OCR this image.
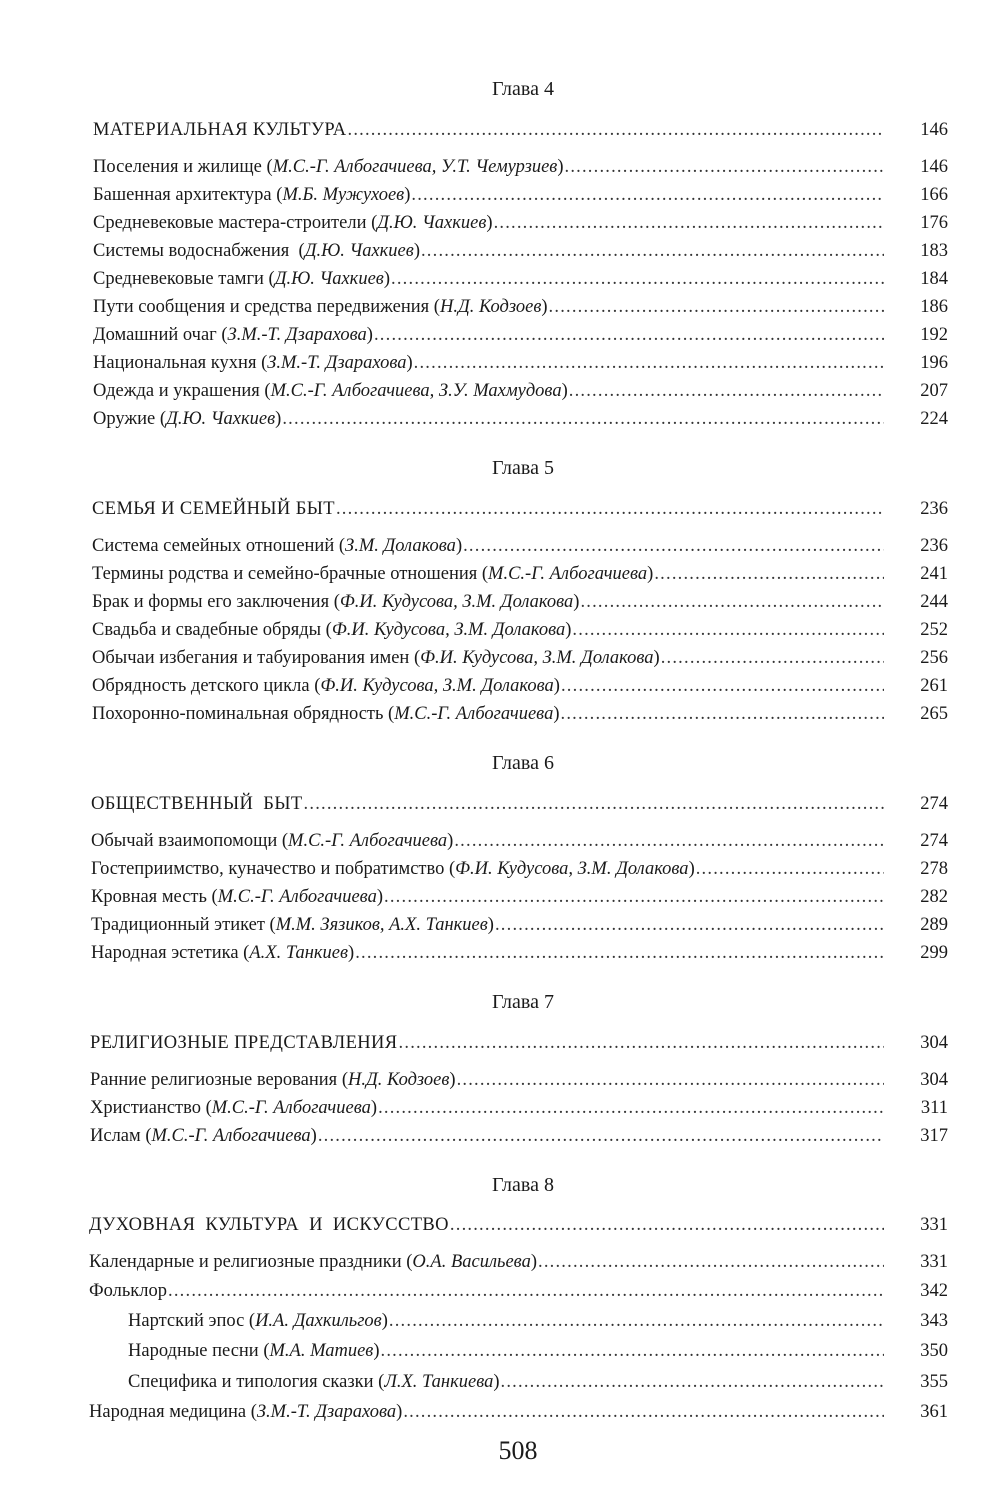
Глава 4
МАТЕРИАЛЬНАЯ КУЛЬТУРА .....	146
Поселения и жилище (М.С.-Г. Албогачиева, У.Т. Чемурзиев) .....	146
Башенная архитектура (М.Б. Мужухоев) .....	166
Средневековые мастера-строители (Д.Ю. Чахкиев) .....	176
Системы водоснабжения  (Д.Ю. Чахкиев) .....	183
Средневековые тамги (Д.Ю. Чахкиев) .....	184
Пути сообщения и средства передвижения (Н.Д. Кодзоев) .....	186
Домашний очаг (З.М.-Т. Дзарахова) .....	192
Национальная кухня (З.М.-Т. Дзарахова) .....	196
Одежда и украшения (М.С.-Г. Албогачиева, З.У. Махмудова) .....	207
Оружие (Д.Ю. Чахкиев) .....	224
Глава 5
СЕМЬЯ И СЕМЕЙНЫЙ БЫТ .....	236
Система семейных отношений (З.М. Долакова) .....	236
Термины родства и семейно-брачные отношения (М.С.-Г. Албогачиева) .....	241
Брак и формы его заключения (Ф.И. Кудусова, З.М. Долакова) .....	244
Свадьба и свадебные обряды (Ф.И. Кудусова, З.М. Долакова) .....	252
Обычаи избегания и табуирования имен (Ф.И. Кудусова, З.М. Долакова) .....	256
Обрядность детского цикла (Ф.И. Кудусова, З.М. Долакова) .....	261
Похоронно-поминальная обрядность (М.С.-Г. Албогачиева) .....	265
Глава 6
ОБЩЕСТВЕННЫЙ  БЫТ .....	274
Обычай взаимопомощи (М.С.-Г. Албогачиева) .....	274
Гостеприимство, куначество и побратимство (Ф.И. Кудусова, З.М. Долакова) .....	278
Кровная месть (М.С.-Г. Албогачиева) .....	282
Традиционный этикет (М.М. Зязиков, А.Х. Танкиев) .....	289
Народная эстетика (А.Х. Танкиев) .....	299
Глава 7
РЕЛИГИОЗНЫЕ ПРЕДСТАВЛЕНИЯ .....	304
Ранние религиозные верования (Н.Д. Кодзоев) .....	304
Христианство (М.С.-Г. Албогачиева) .....	311
Ислам (М.С.-Г. Албогачиева) .....	317
Глава 8
ДУХОВНАЯ  КУЛЬТУРА  И  ИСКУССТВО .....	331
Календарные и религиозные праздники (О.А. Васильева) .....	331
Фольклор .....	342
Нартский эпос (И.А. Дахкильгов) .....	343
Народные песни (М.А. Матиев) .....	350
Специфика и типология сказки (Л.Х. Танкиева) .....	355
Народная медицина (З.М.-Т. Дзарахова) .....	361
508
